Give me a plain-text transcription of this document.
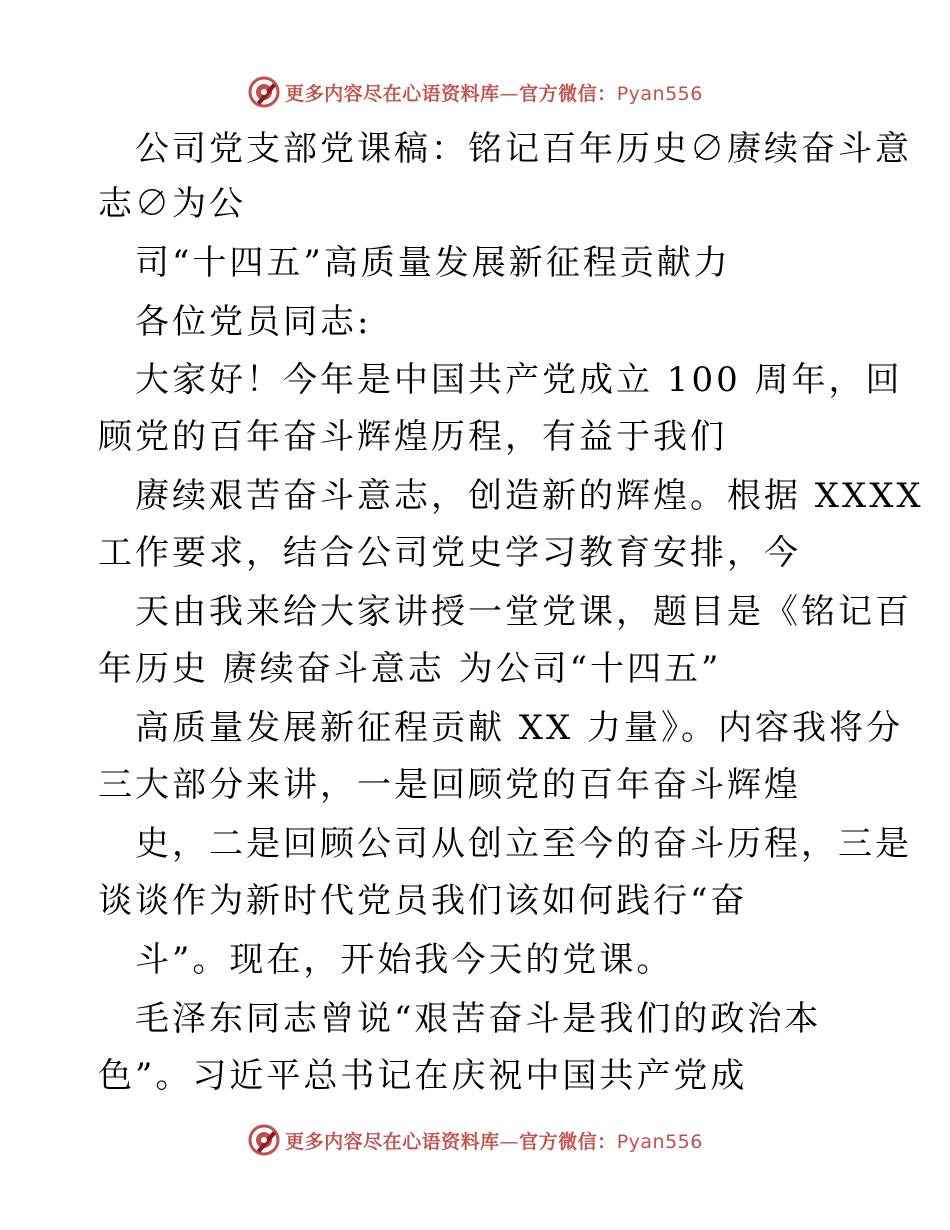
更多内容尽在心语资料库—官方微信：Pyan556
公司党支部党课稿：铭记百年历史∅赓续奋斗意
志∅为公
司“十四五”高质量发展新征程贡献力
各位党员同志:
大家好！今年是中国共产党成立 100 周年，回
顾党的百年奋斗辉煌历程，有益于我们
赓续艰苦奋斗意志，创造新的辉煌。根据 XXXX
工作要求，结合公司党史学习教育安排，今
天由我来给大家讲授一堂党课，题目是《铭记百
年历史 赓续奋斗意志 为公司“十四五”
高质量发展新征程贡献 XX 力量》。内容我将分
三大部分来讲，一是回顾党的百年奋斗辉煌
史，二是回顾公司从创立至今的奋斗历程，三是
谈谈作为新时代党员我们该如何践行“奋
斗”。现在，开始我今天的党课。
毛泽东同志曾说“艰苦奋斗是我们的政治本
色”。习近平总书记在庆祝中国共产党成
更多内容尽在心语资料库—官方微信：Pyan556
